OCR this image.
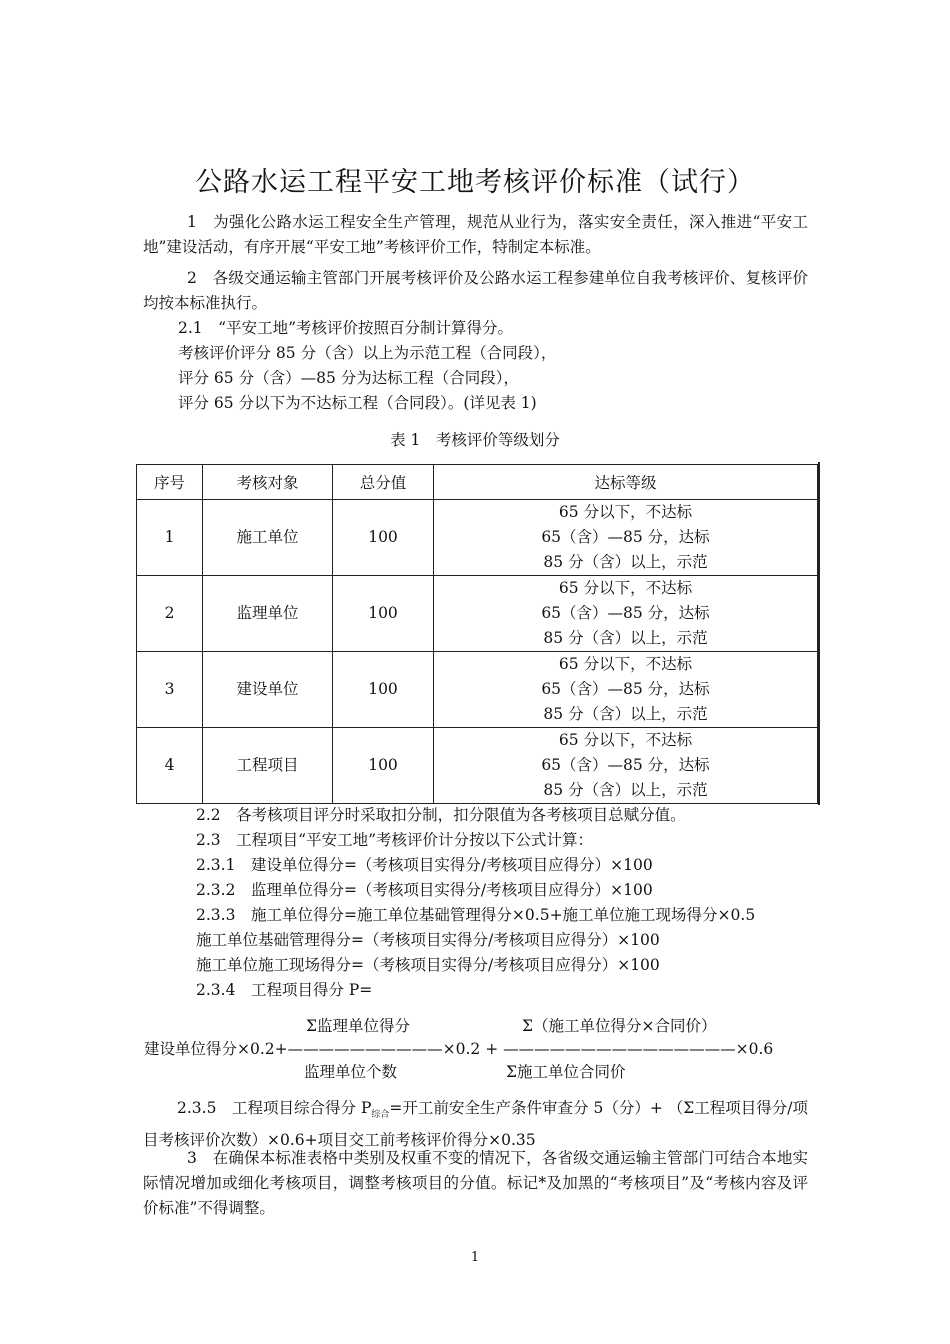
公路水运工程平安工地考核评价标准（试行）

1　为强化公路水运工程安全生产管理，规范从业行为，落实安全责任，深入推进“平安工地”建设活动，有序开展“平安工地”考核评价工作，特制定本标准。

2　各级交通运输主管部门开展考核评价及公路水运工程参建单位自我考核评价、复核评价均按本标准执行。

2.1　“平安工地”考核评价按照百分制计算得分。

考核评价评分 85 分（含）以上为示范工程（合同段），

评分 65 分（含）—85 分为达标工程（合同段），

评分 65 分以下为不达标工程（合同段）。(详见表 1)

表 1　考核评价等级划分
序号	考核对象	总分值	达标等级
1	施工单位	100	65 分以下，不达标
65（含）—85 分，达标
85 分（含）以上，示范

2	监理单位	100	65 分以下，不达标
65（含）—85 分，达标
85 分（含）以上，示范

3	建设单位	100	65 分以下，不达标
65（含）—85 分，达标
85 分（含）以上，示范

4	工程项目	100	65 分以下，不达标
65（含）—85 分，达标
85 分（含）以上，示范

2.2　各考核项目评分时采取扣分制，扣分限值为各考核项目总赋分值。

2.3　工程项目“平安工地”考核评价计分按以下公式计算：

2.3.1　建设单位得分=（考核项目实得分/考核项目应得分）×100

2.3.2　监理单位得分=（考核项目实得分/考核项目应得分）×100

2.3.3　施工单位得分=施工单位基础管理得分×0.5+施工单位施工现场得分×0.5

施工单位基础管理得分=（考核项目实得分/考核项目应得分）×100

施工单位施工现场得分=（考核项目实得分/考核项目应得分）×100

2.3.4　工程项目得分 P=

Σ监理单位得分	Σ（施工单位得分×合同价）
建设单位得分×0.2+——————————×0.2 + ———————————————×0.6
监理单位个数	Σ施工单位合同价

2.3.5　工程项目综合得分 $P_{综合}=$开工前安全生产条件审查分 5（分）+ （Σ工程项目得分/项目考核评价次数）×0.6+项目交工前考核评价得分×0.35

3　在确保本标准表格中类别及权重不变的情况下，各省级交通运输主管部门可结合本地实际情况增加或细化考核项目，调整考核项目的分值。标记*及加黑的“考核项目”及“考核内容及评价标准”不得调整。

1
